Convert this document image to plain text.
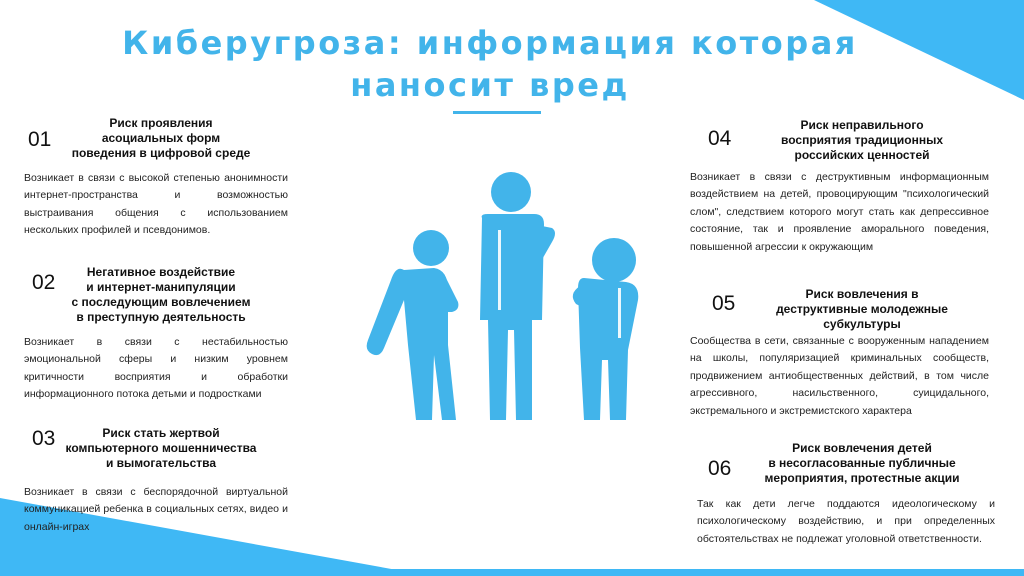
Киберугроза: информация которая
наносит вред
01
Риск проявления
асоциальных форм
поведения в цифровой среде
Возникает в связи с высокой степенью анонимности интернет-пространства и возможностью выстраивания общения с использованием нескольких профилей и псевдонимов.
02	Негативное воздействие
и интернет-манипуляции
с последующим вовлечением
в преступную деятельность
Возникает в связи с нестабильностью эмоциональной сферы и низким уровнем критичности восприятия и обработки информационного потока детьми и подростками
03	Риск стать жертвой
компьютерного мошенничества
и вымогательства
Возникает в связи с беспорядочной виртуальной коммуникацией ребенка в социальных сетях, видео и онлайн-играх
04
Риск неправильного
восприятия традиционных
российских ценностей
Возникает в связи с деструктивным информационным воздействием на детей, провоцирующим "психологический слом", следствием которого могут стать как депрессивное состояние, так и проявление аморального поведения, повышенной агрессии к окружающим
05	Риск вовлечения в
деструктивные молодежные
субкультуры
Сообщества в сети, связанные с вооруженным нападением на школы, популяризацией криминальных сообществ, продвижением антиобщественных действий, в том числе агрессивного, насильственного, суицидального, экстремального и экстремистского характера
06
Риск вовлечения детей
в несогласованные публичные
мероприятия, протестные акции
Так как дети легче поддаются идеологическому и психологическому воздействию, и при определенных обстоятельствах не подлежат уголовной ответственности.
